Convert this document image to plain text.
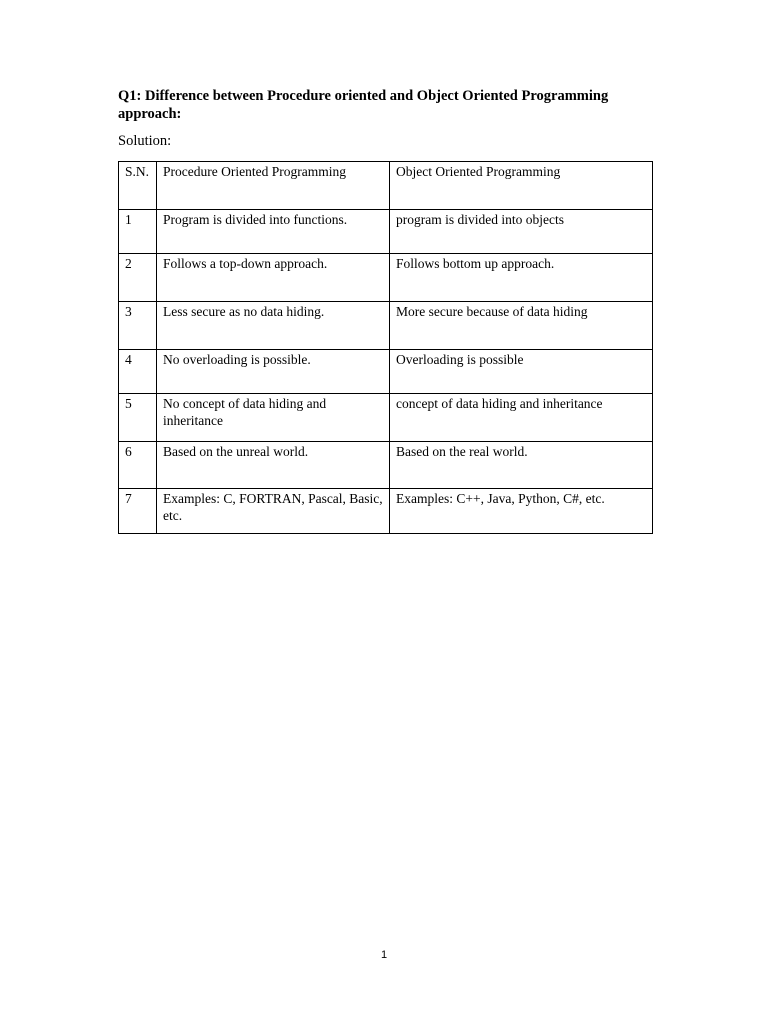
Q1: Difference between Procedure oriented and Object Oriented Programming approach:

Solution:

S.N.	Procedure Oriented Programming	Object Oriented Programming
1	Program is divided into functions.	program is divided into objects
2	Follows a top-down approach.	Follows bottom up approach.
3	Less secure as no data hiding.	More secure because of data hiding
4	No overloading is possible.	Overloading is possible
5	No concept of data hiding and inheritance	concept of data hiding and inheritance
6	Based on the unreal world.	Based on the real world.
7	Examples: C, FORTRAN, Pascal, Basic, etc.	Examples: C++, Java, Python, C#, etc.
1
